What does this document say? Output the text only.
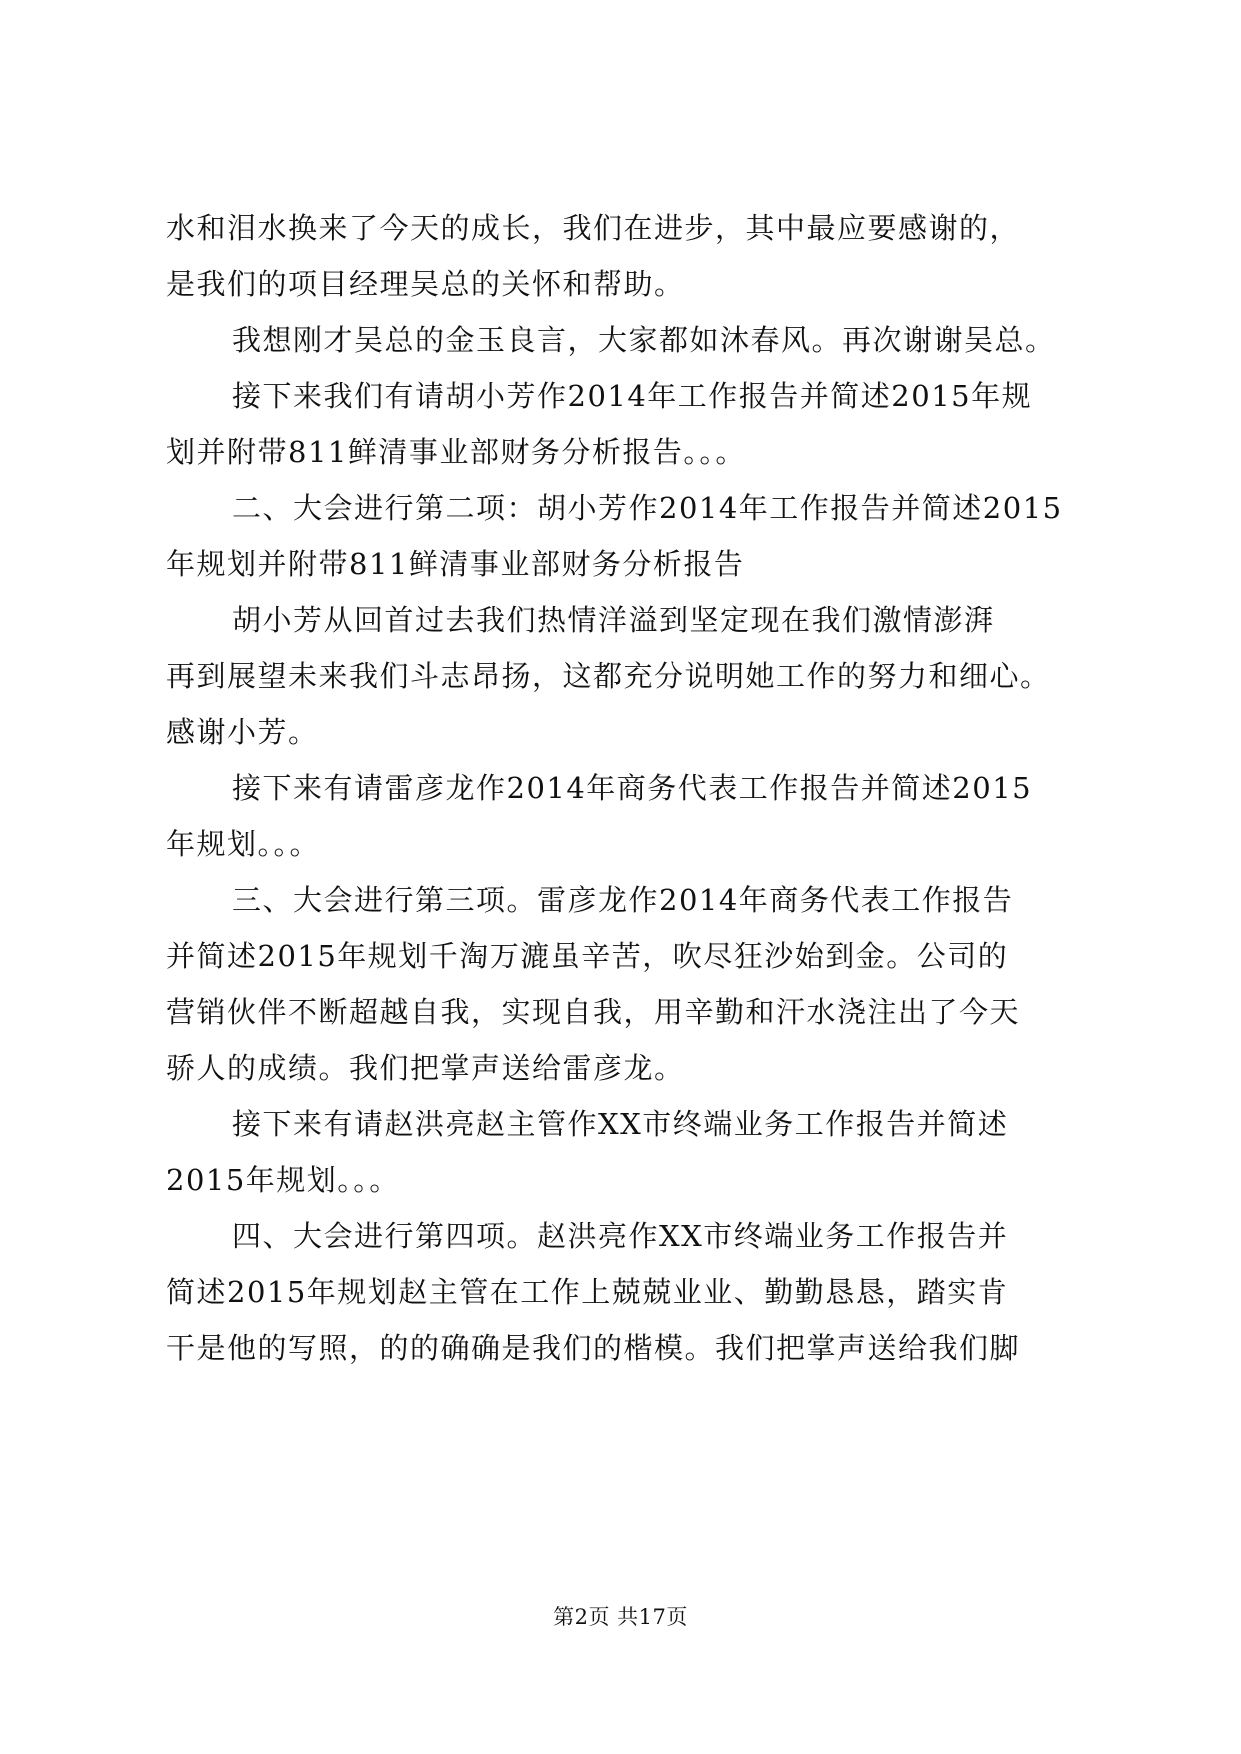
水和泪水换来了今天的成长，我们在进步，其中最应要感谢的，
是我们的项目经理吴总的关怀和帮助。
我想刚才吴总的金玉良言，大家都如沐春风。再次谢谢吴总。
接下来我们有请胡小芳作2014年工作报告并简述2015年规
划并附带811鲜清事业部财务分析报告。。。
二、大会进行第二项：胡小芳作2014年工作报告并简述2015
年规划并附带811鲜清事业部财务分析报告
胡小芳从回首过去我们热情洋溢到坚定现在我们激情澎湃
再到展望未来我们斗志昂扬，这都充分说明她工作的努力和细心。
感谢小芳。
接下来有请雷彦龙作2014年商务代表工作报告并简述2015
年规划。。。
三、大会进行第三项。雷彦龙作2014年商务代表工作报告
并简述2015年规划千淘万漉虽辛苦，吹尽狂沙始到金。公司的
营销伙伴不断超越自我，实现自我，用辛勤和汗水浇注出了今天
骄人的成绩。我们把掌声送给雷彦龙。
接下来有请赵洪亮赵主管作XX市终端业务工作报告并简述
2015年规划。。。
四、大会进行第四项。赵洪亮作XX市终端业务工作报告并
简述2015年规划赵主管在工作上兢兢业业、勤勤恳恳，踏实肯
干是他的写照，的的确确是我们的楷模。我们把掌声送给我们脚
第2页 共17页
